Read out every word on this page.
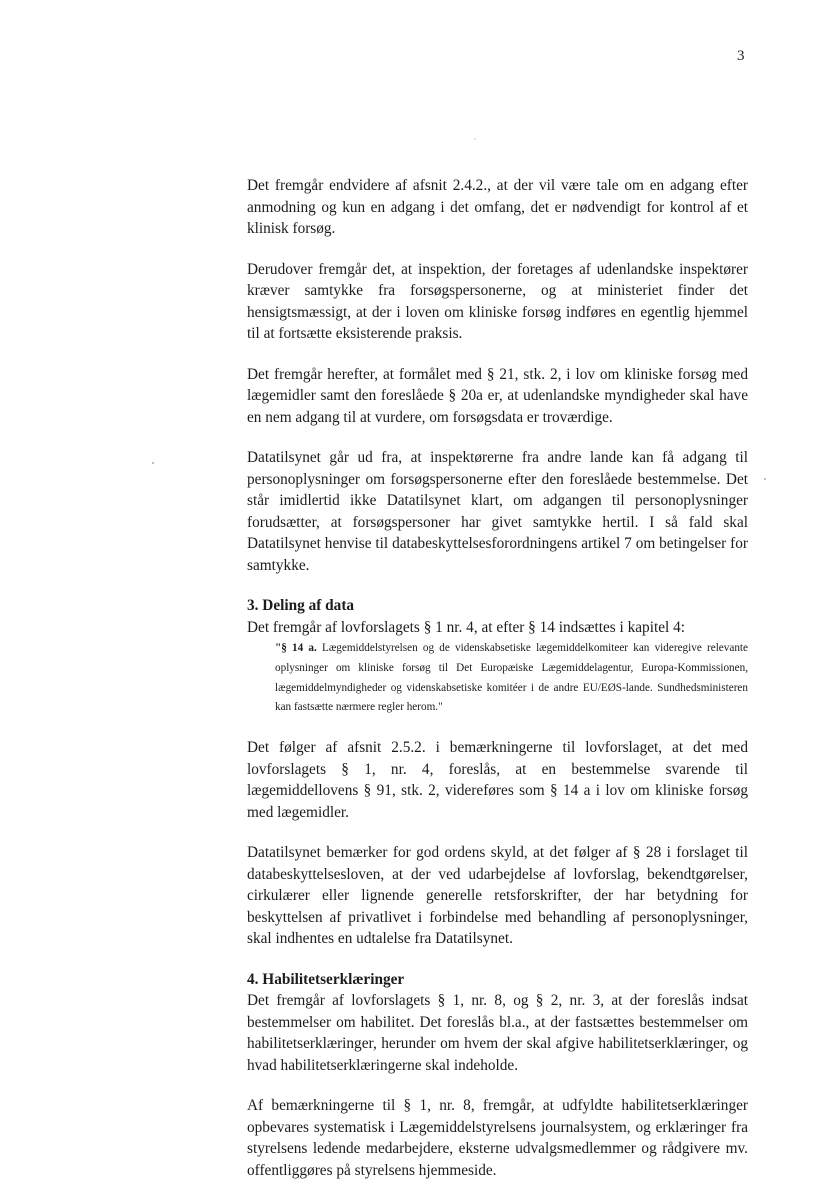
3

Det fremgår endvidere af afsnit 2.4.2., at der vil være tale om en adgang efter anmodning og kun en adgang i det omfang, det er nødvendigt for kontrol af et klinisk forsøg.

Derudover fremgår det, at inspektion, der foretages af udenlandske inspektører kræver samtykke fra forsøgspersonerne, og at ministeriet finder det hensigtsmæssigt, at der i loven om kliniske forsøg indføres en egentlig hjemmel til at fortsætte eksisterende praksis.

Det fremgår herefter, at formålet med § 21, stk. 2, i lov om kliniske forsøg med lægemidler samt den foreslåede § 20a er, at udenlandske myndigheder skal have en nem adgang til at vurdere, om forsøgsdata er troværdige.

Datatilsynet går ud fra, at inspektørerne fra andre lande kan få adgang til personoplysninger om forsøgspersonerne efter den foreslåede bestemmelse. Det står imidlertid ikke Datatilsynet klart, om adgangen til personoplysninger forudsætter, at forsøgspersoner har givet samtykke hertil. I så fald skal Datatilsynet henvise til databeskyttelsesforordningens artikel 7 om betingelser for samtykke.

3. Deling af data

Det fremgår af lovforslagets § 1 nr. 4, at efter § 14 indsættes i kapitel 4:

"§ 14 a. Lægemiddelstyrelsen og de videnskabsetiske lægemiddelkomiteer kan videregive relevante oplysninger om kliniske forsøg til Det Europæiske Lægemiddelagentur, Europa-Kommissionen, lægemiddelmyndigheder og videnskabsetiske komitéer i de andre EU/EØS-lande. Sundhedsministeren kan fastsætte nærmere regler herom."

Det følger af afsnit 2.5.2. i bemærkningerne til lovforslaget, at det med lovforslagets § 1, nr. 4, foreslås, at en bestemmelse svarende til lægemiddellovens § 91, stk. 2, videreføres som § 14 a i lov om kliniske forsøg med lægemidler.

Datatilsynet bemærker for god ordens skyld, at det følger af § 28 i forslaget til databeskyttelsesloven, at der ved udarbejdelse af lovforslag, bekendtgørelser, cirkulærer eller lignende generelle retsforskrifter, der har betydning for beskyttelsen af privatlivet i forbindelse med behandling af personoplysninger, skal indhentes en udtalelse fra Datatilsynet.

4. Habilitetserklæringer

Det fremgår af lovforslagets § 1, nr. 8, og § 2, nr. 3, at der foreslås indsat bestemmelser om habilitet. Det foreslås bl.a., at der fastsættes bestemmelser om habilitetserklæringer, herunder om hvem der skal afgive habilitetserklæringer, og hvad habilitetserklæringerne skal indeholde.

Af bemærkningerne til § 1, nr. 8, fremgår, at udfyldte habilitetserklæringer opbevares systematisk i Lægemiddelstyrelsens journalsystem, og erklæringer fra styrelsens ledende medarbejdere, eksterne udvalgsmedlemmer og rådgivere mv. offentliggøres på styrelsens hjemmeside.
